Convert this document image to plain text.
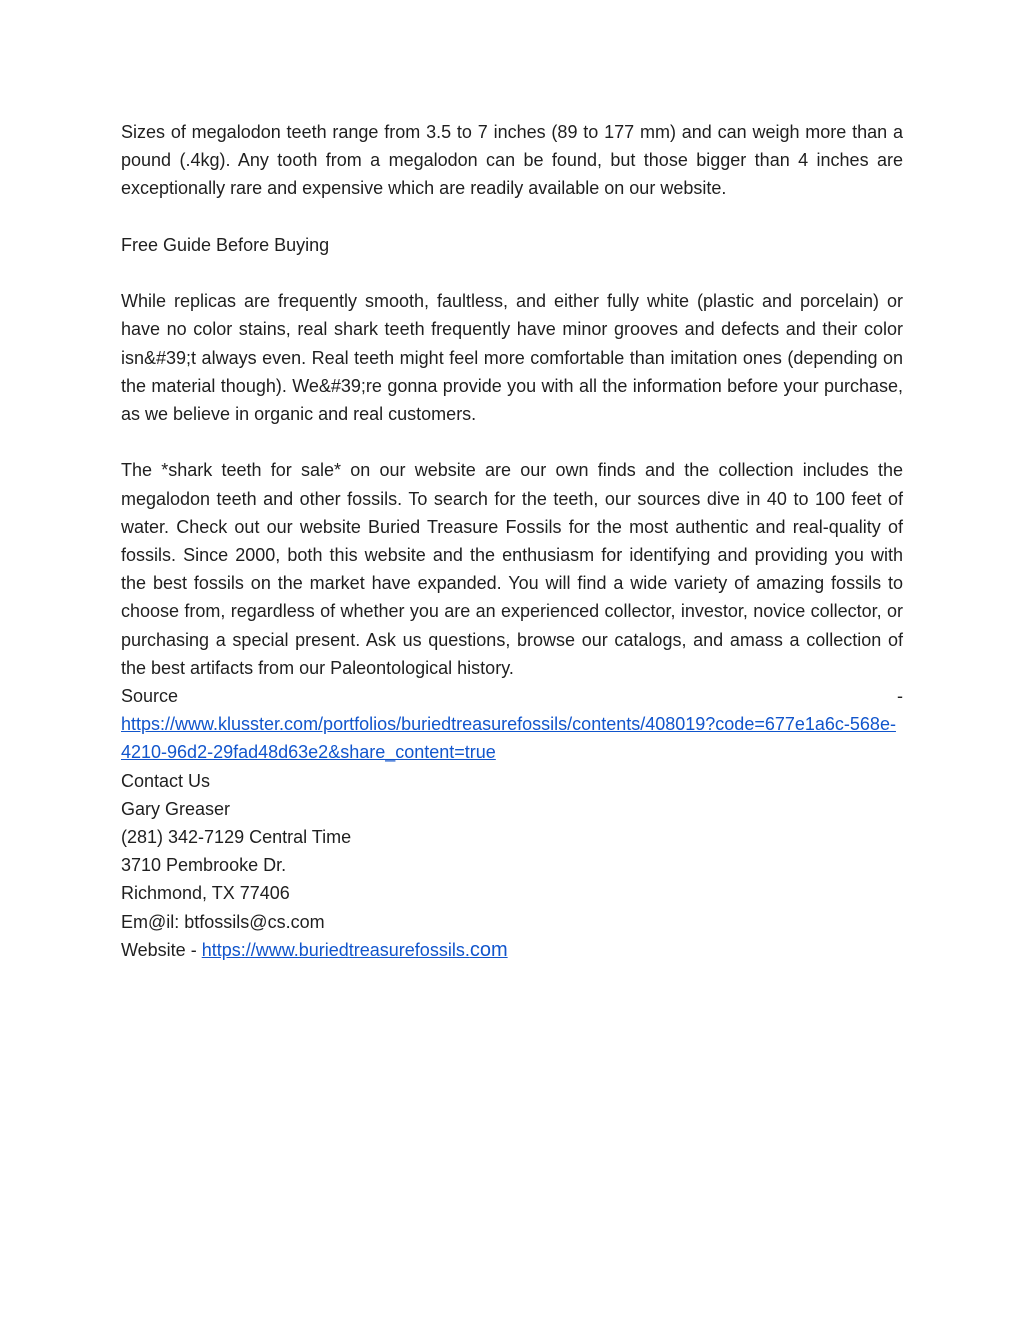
Sizes of megalodon teeth range from 3.5 to 7 inches (89 to 177 mm) and can weigh more than a pound (.4kg). Any tooth from a megalodon can be found, but those bigger than 4 inches are exceptionally rare and expensive which are readily available on our website.

Free Guide Before Buying

While replicas are frequently smooth, faultless, and either fully white (plastic and porcelain) or have no color stains, real shark teeth frequently have minor grooves and defects and their color isn&#39;t always even. Real teeth might feel more comfortable than imitation ones (depending on the material though). We&#39;re gonna provide you with all the information before your purchase, as we believe in organic and real customers.

The *shark teeth for sale* on our website are our own finds and the collection includes the megalodon teeth and other fossils. To search for the teeth, our sources dive in 40 to 100 feet of water. Check out our website Buried Treasure Fossils for the most authentic and real-quality of fossils. Since 2000, both this website and the enthusiasm for identifying and providing you with the best fossils on the market have expanded. You will find a wide variety of amazing fossils to choose from, regardless of whether you are an experienced collector, investor, novice collector, or purchasing a special present. Ask us questions, browse our catalogs, and amass a collection of the best artifacts from our Paleontological history.

Source	-
https://www.klusster.com/portfolios/buriedtreasurefossils/contents/408019?code=677e1a6c-568e-4210-96d2-29fad48d63e2&share_content=true

Contact Us

Gary Greaser

(281) 342-7129 Central Time

3710 Pembrooke Dr.

Richmond, TX 77406

Em@il: btfossils@cs.com

Website - https://www.buriedtreasurefossils.com
